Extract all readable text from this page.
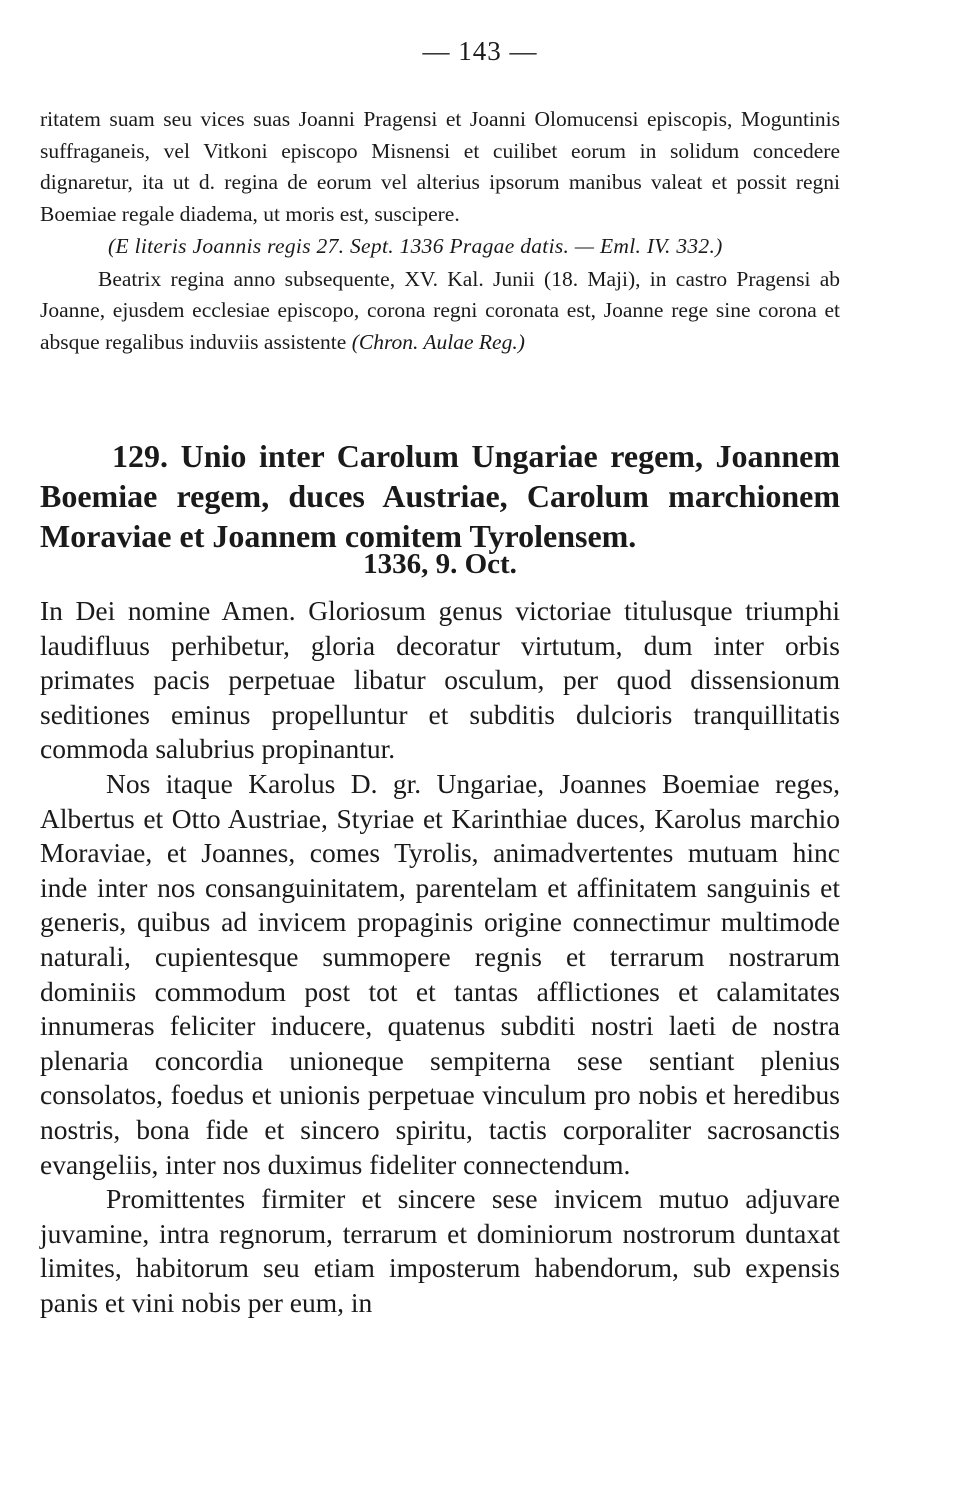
— 143 —

ritatem suam seu vices suas Joanni Pragensi et Joanni Olomucensi episcopis, Moguntinis suffraganeis, vel Vitkoni episcopo Misnensi et cuilibet eorum in solidum concedere dignaretur, ita ut d. regina de eorum vel alterius ipsorum manibus valeat et possit regni Boemiae regale diadema, ut moris est, suscipere.

(E literis Joannis regis 27. Sept. 1336 Pragae datis. — Eml. IV. 332.)

Beatrix regina anno subsequente, XV. Kal. Junii (18. Maji), in castro Pragensi ab Joanne, ejusdem ecclesiae episcopo, corona regni coronata est, Joanne rege sine corona et absque regalibus induviis assistente (Chron. Aulae Reg.)

129. Unio inter Carolum Ungariae regem, Joannem Boemiae regem, duces Austriae, Carolum marchionem Moraviae et Joannem comitem Tyrolensem.

1336, 9. Oct.

In Dei nomine Amen. Gloriosum genus victoriae titulusque triumphi laudifluus perhibetur, gloria decoratur virtutum, dum inter orbis primates pacis perpetuae libatur osculum, per quod dissensionum seditiones eminus propelluntur et subditis dulcioris tranquillitatis commoda salubrius propinantur.

Nos itaque Karolus D. gr. Ungariae, Joannes Boemiae reges, Albertus et Otto Austriae, Styriae et Karinthiae duces, Karolus marchio Moraviae, et Joannes, comes Tyrolis, animadvertentes mutuam hinc inde inter nos consanguinitatem, parentelam et affinitatem sanguinis et generis, quibus ad invicem propaginis origine connectimur multimode naturali, cupientesque summopere regnis et terrarum nostrarum dominiis commodum post tot et tantas afflictiones et calamitates innumeras feliciter inducere, quatenus subditi nostri laeti de nostra plenaria concordia unioneque sempiterna sese sentiant plenius consolatos, foedus et unionis perpetuae vinculum pro nobis et heredibus nostris, bona fide et sincero spiritu, tactis corporaliter sacrosanctis evangeliis, inter nos duximus fideliter connectendum.

Promittentes firmiter et sincere sese invicem mutuo adjuvare juvamine, intra regnorum, terrarum et dominiorum nostrorum duntaxat limites, habitorum seu etiam imposterum habendorum, sub expensis panis et vini nobis per eum, in
